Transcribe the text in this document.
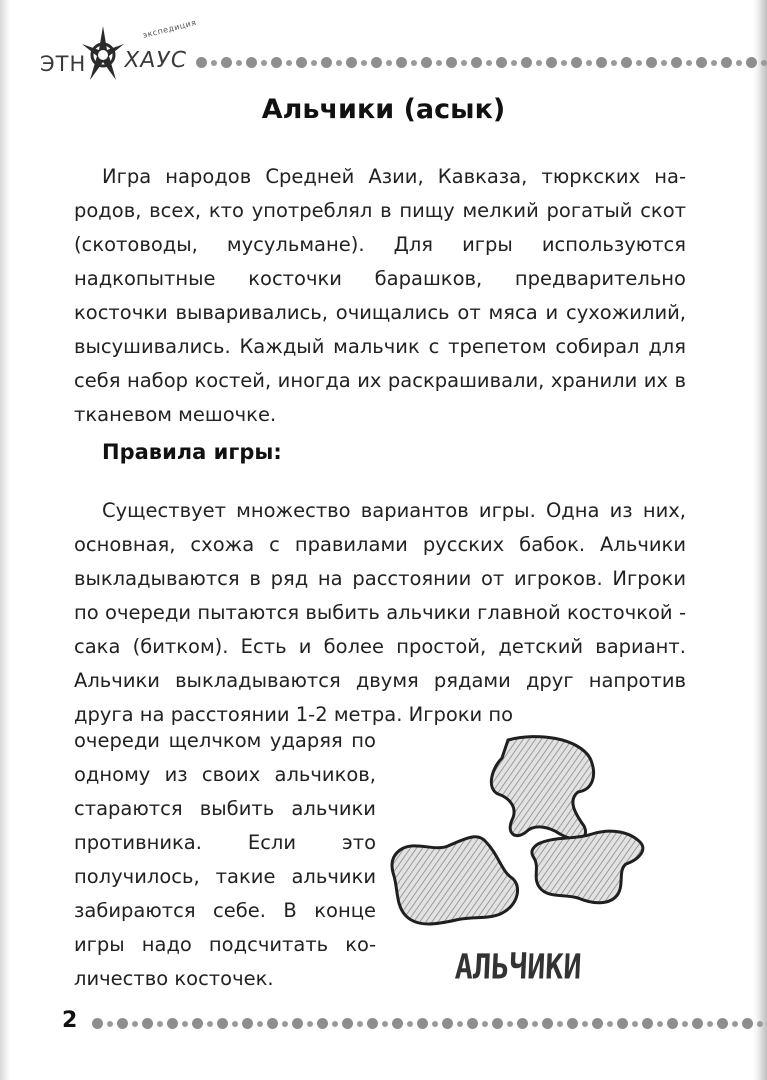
ЭТН
экспедиция
ХАУС
Альчики (асык)
Игра народов Средней Азии, Кавказа, тюркских народов, всех, кто употреблял в пищу мелкий рогатый скот (скотоводы, мусульмане). Для игры используются надкопытные косточки барашков, предварительно косточки вываривались, очищались от мяса и сухожилий, высушивались. Каждый мальчик с трепетом собирал для себя набор костей, иногда их раскрашивали, хранили их в тканевом мешочке.
Правила игры:
Существует множество вариантов игры. Одна из них, основная, схожа с правилами русских бабок. Альчики выкладываются в ряд на расстоянии от игроков. Игроки по очереди пытаются выбить альчики главной косточкой - сака (битком). Есть и более простой, детский вариант. Альчики выкладываются двумя рядами друг напротив друга на расстоянии 1-2 метра. Игроки по
очереди щелчком ударяя по одному из своих альчиков, стараются выбить альчики противника. Если это получилось, такие альчики забираются себе. В конце игры надо подсчитать количество косточек.	АЛЬЧИКИ
2
